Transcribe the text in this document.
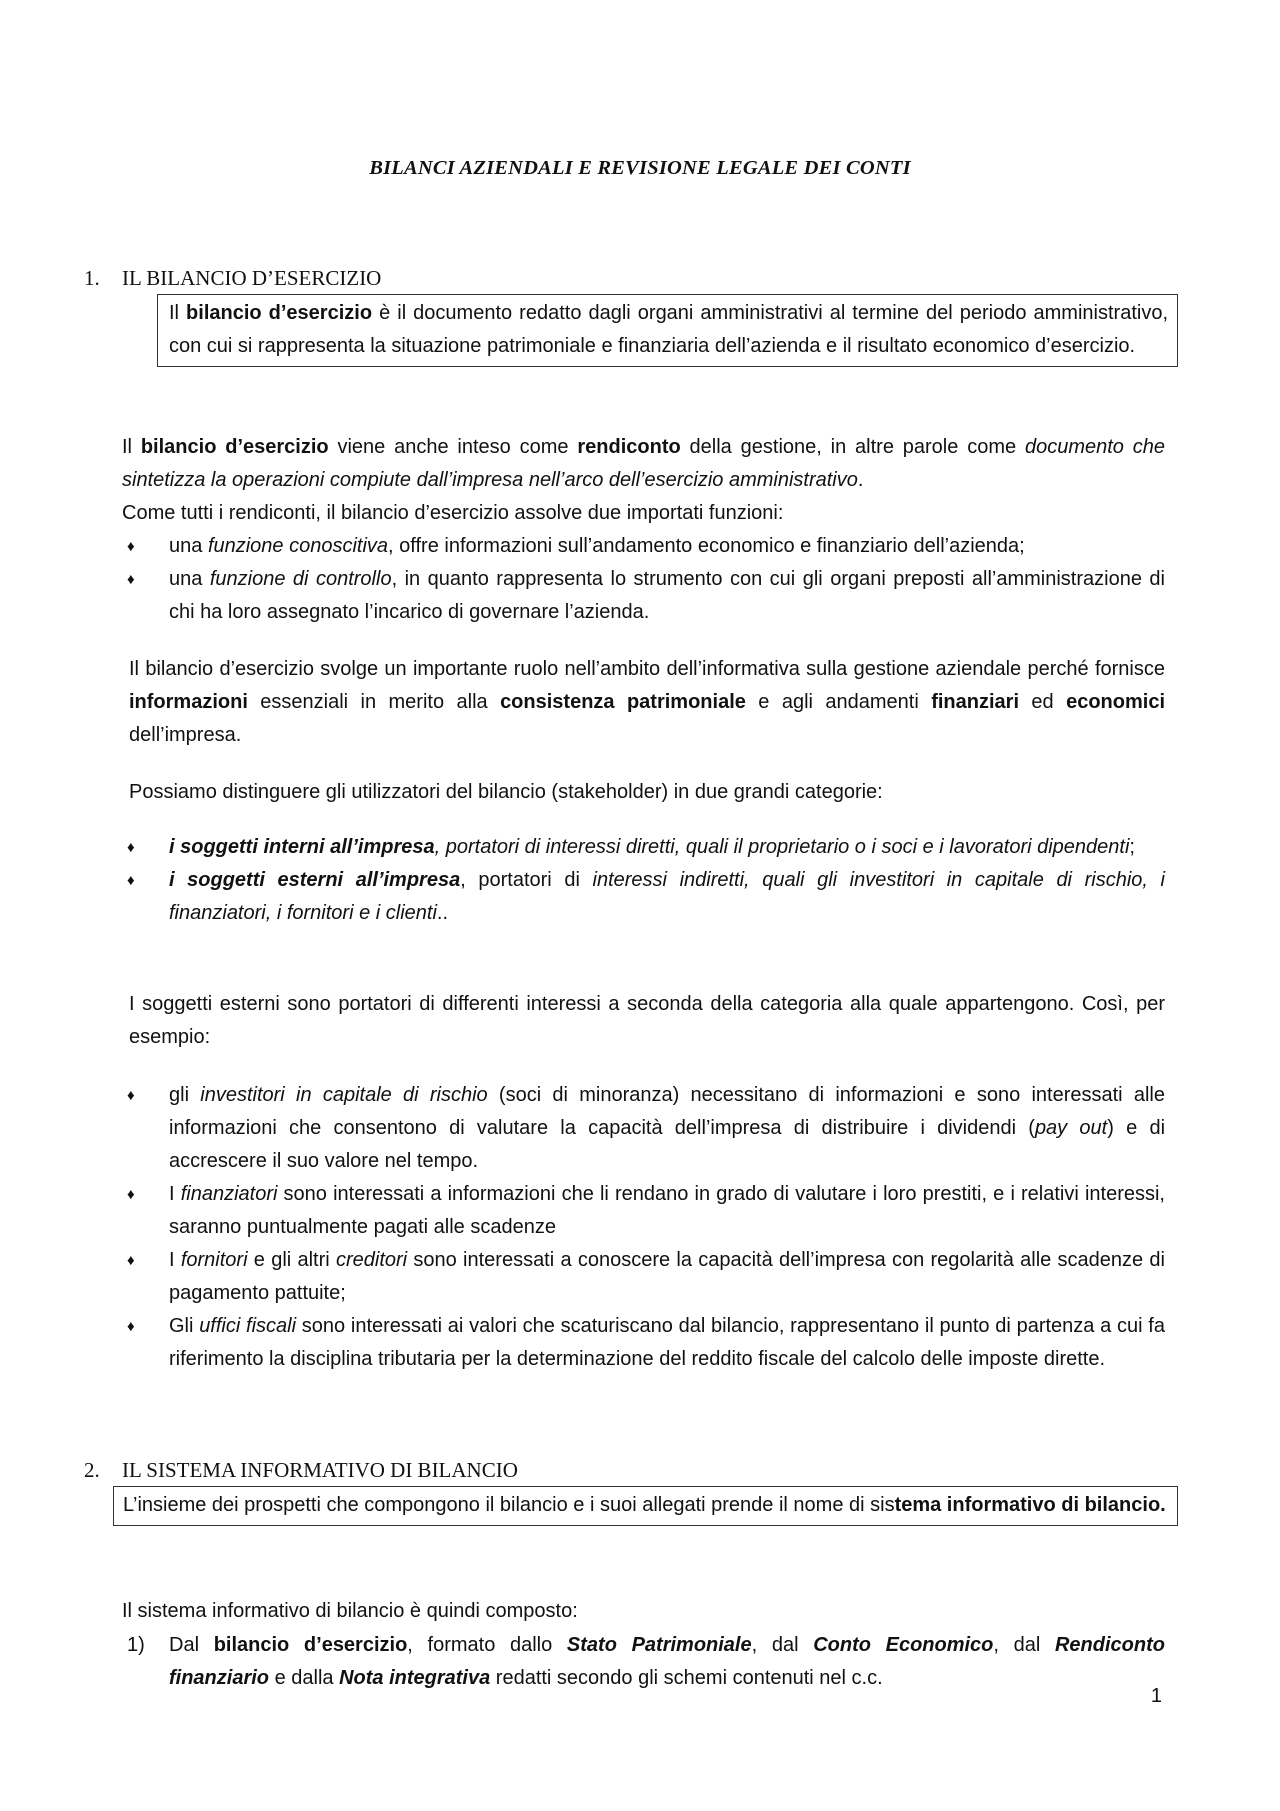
BILANCI AZIENDALI E REVISIONE LEGALE DEI CONTI
1. IL BILANCIO D’ESERCIZIO
Il bilancio d’esercizio è il documento redatto dagli organi amministrativi al termine del periodo amministrativo, con cui si rappresenta la situazione patrimoniale e finanziaria dell’azienda e il risultato economico d’esercizio.

Il bilancio d’esercizio viene anche inteso come rendiconto della gestione, in altre parole come documento che sintetizza la operazioni compiute dall’impresa nell’arco dell’esercizio amministrativo.

Come tutti i rendiconti, il bilancio d’esercizio assolve due importati funzioni:

♦ una funzione conoscitiva, offre informazioni sull’andamento economico e finanziario dell’azienda;
♦ una funzione di controllo, in quanto rappresenta lo strumento con cui gli organi preposti all’amministrazione di chi ha loro assegnato l’incarico di governare l’azienda.

Il bilancio d’esercizio svolge un importante ruolo nell’ambito dell’informativa sulla gestione aziendale perché fornisce informazioni essenziali in merito alla consistenza patrimoniale e agli andamenti finanziari ed economici dell’impresa.

Possiamo distinguere gli utilizzatori del bilancio (stakeholder) in due grandi categorie:
♦ i soggetti interni all’impresa, portatori di interessi diretti, quali il proprietario o i soci e i lavoratori dipendenti;
♦ i soggetti esterni all’impresa, portatori di interessi indiretti, quali gli investitori in capitale di rischio, i finanziatori, i fornitori e i clienti..
I soggetti esterni sono portatori di differenti interessi a seconda della categoria alla quale appartengono. Così, per esempio:
♦ gli investitori in capitale di rischio (soci di minoranza) necessitano di informazioni e sono interessati alle informazioni che consentono di valutare la capacità dell’impresa di distribuire i dividendi (pay out) e di accrescere il suo valore nel tempo.
♦ I finanziatori sono interessati a informazioni che li rendano in grado di valutare i loro prestiti, e i relativi interessi, saranno puntualmente pagati alle scadenze
♦ I fornitori e gli altri creditori sono interessati a conoscere la capacità dell’impresa con regolarità alle scadenze di pagamento pattuite;
♦ Gli uffici fiscali sono interessati ai valori che scaturiscano dal bilancio, rappresentano il punto di partenza a cui fa riferimento la disciplina tributaria per la determinazione del reddito fiscale del calcolo delle imposte dirette.
2. IL SISTEMA INFORMATIVO DI BILANCIO
L’insieme dei prospetti che compongono il bilancio e i suoi allegati prende il nome di sistema informativo di bilancio.
Il sistema informativo di bilancio è quindi composto:
1) Dal bilancio d’esercizio, formato dallo Stato Patrimoniale, dal Conto Economico, dal Rendiconto finanziario e dalla Nota integrativa redatti secondo gli schemi contenuti nel c.c.
1
